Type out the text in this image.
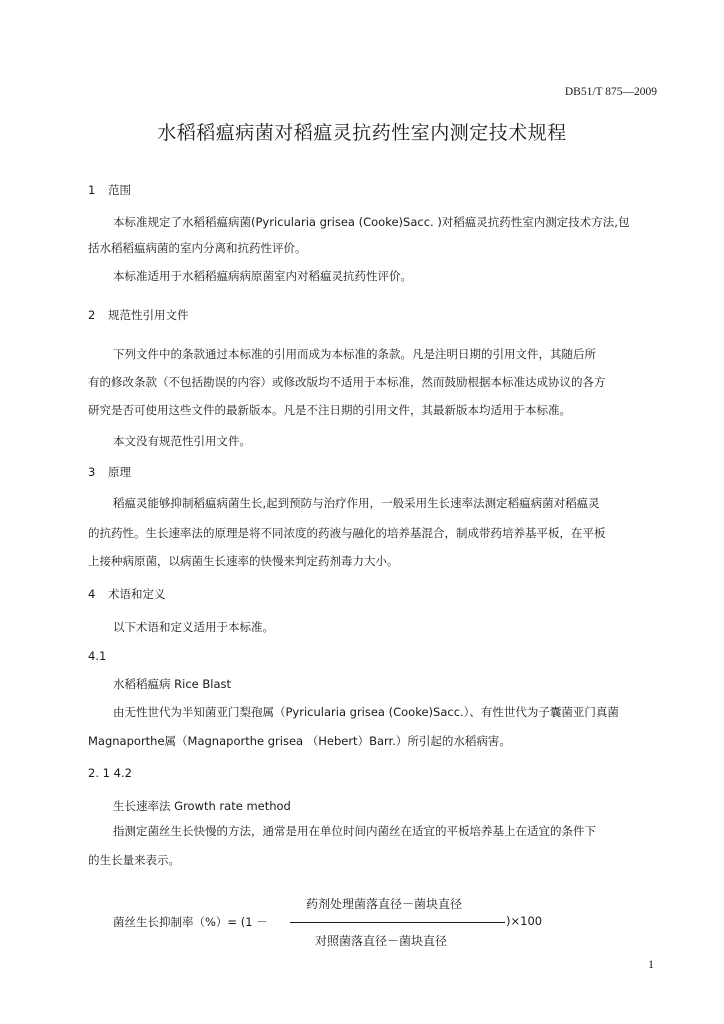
DB51/T 875—2009
水稻稻瘟病菌对稻瘟灵抗药性室内测定技术规程
1 范围
本标准规定了水稻稻瘟病菌(Pyricularia grisea (Cooke)Sacc. )对稻瘟灵抗药性室内测定技术方法,包
括水稻稻瘟病菌的室内分离和抗药性评价。
本标准适用于水稻稻瘟病病原菌室内对稻瘟灵抗药性评价。
2 规范性引用文件
下列文件中的条款通过本标准的引用而成为本标准的条款。凡是注明日期的引用文件，其随后所
有的修改条款（不包括勘误的内容）或修改版均不适用于本标准，然而鼓励根据本标准达成协议的各方
研究是否可使用这些文件的最新版本。凡是不注日期的引用文件，其最新版本均适用于本标准。
本文没有规范性引用文件。
3 原理
稻瘟灵能够抑制稻瘟病菌生长,起到预防与治疗作用，一般采用生长速率法测定稻瘟病菌对稻瘟灵
的抗药性。生长速率法的原理是将不同浓度的药液与融化的培养基混合，制成带药培养基平板，在平板
上接种病原菌，以病菌生长速率的快慢来判定药剂毒力大小。
4 术语和定义
以下术语和定义适用于本标准。
4.1
水稻稻瘟病 Rice Blast
由无性世代为半知菌亚门梨孢属（Pyricularia grisea (Cooke)Sacc.）、有性世代为子囊菌亚门真菌
Magnaporthe属（Magnaporthe grisea （Hebert）Barr.）所引起的水稻病害。
2. 1 4.2
生长速率法 Growth rate method
指测定菌丝生长快慢的方法，通常是用在单位时间内菌丝在适宜的平板培养基上在适宜的条件下
的生长量来表示。
药剂处理菌落直径－菌块直径
菌丝生长抑制率（%）= (1 －	)×100
对照菌落直径－菌块直径
1
